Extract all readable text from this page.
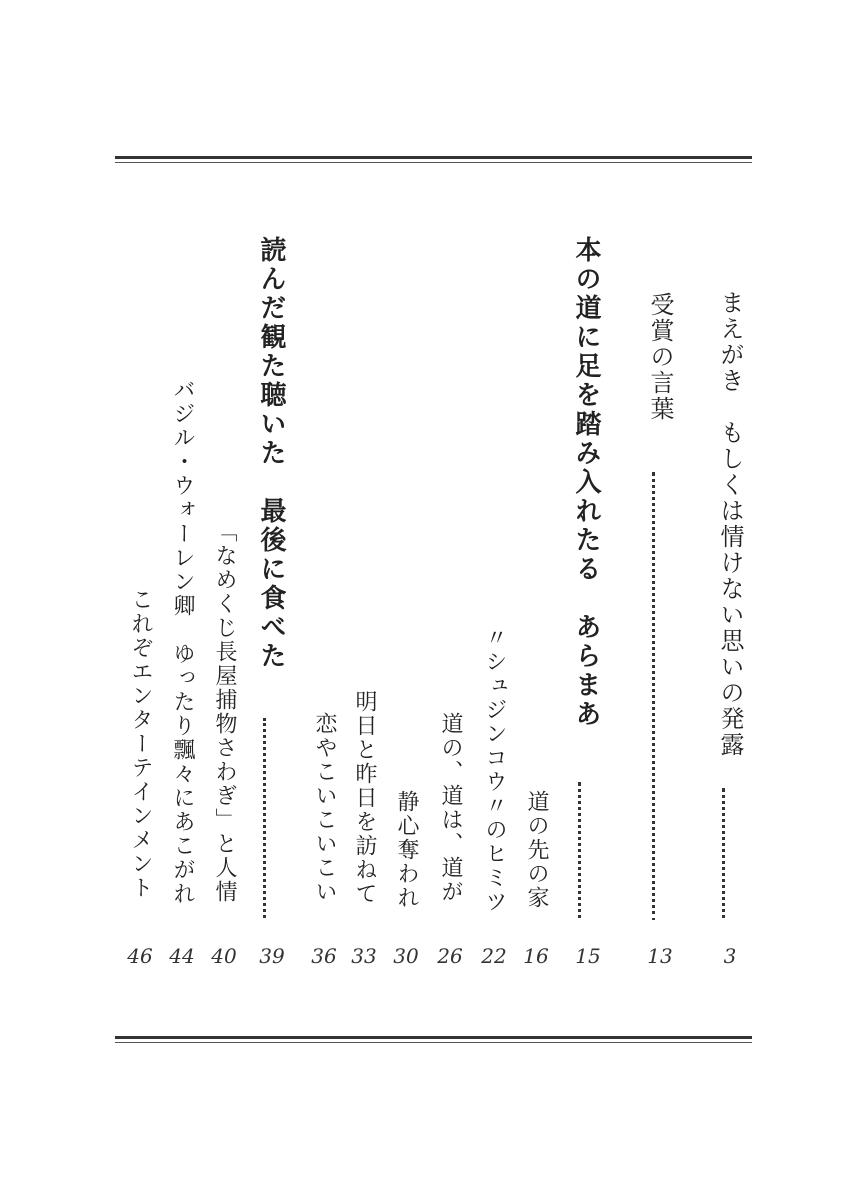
まえがき　もしくは情けない思いの発露
3
受賞の言葉
13
本の道に足を踏み入れたる　あらまあ
15
道の先の家
16
〃シュジンコウ〃のヒミツ
22
道の、道は、道が
26
静心奪われ
30
明日と昨日を訪ねて
33
恋やこいこいこい
36
読んだ観た聴いた　最後に食べた
39
「なめくじ長屋捕物さわぎ」と人情
40
バジル・ウォーレン卿　ゆったり飄々にあこがれ
44
これぞエンターテインメント
46
